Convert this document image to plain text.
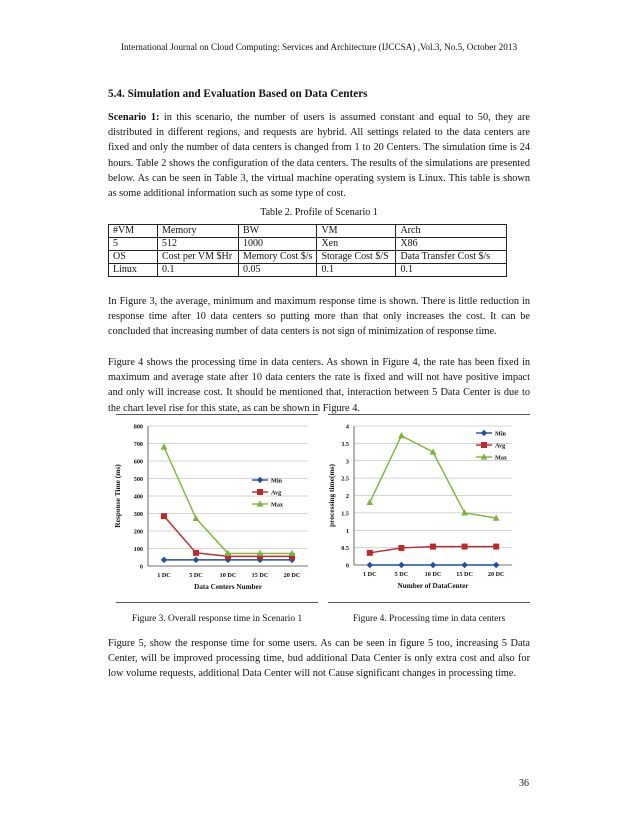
International Journal on Cloud Computing: Services and Architecture (IJCCSA) ,Vol.3, No.5, October 2013
5.4. Simulation and Evaluation Based on Data Centers

Scenario 1: in this scenario, the number of users is assumed constant and equal to 50, they are distributed in different regions, and requests are hybrid. All settings related to the data centers are fixed and only the number of data centers is changed from 1 to 20 Centers. The simulation time is 24 hours. Table 2 shows the configuration of the data centers. The results of the simulations are presented below. As can be seen in Table 3, the virtual machine operating system is Linux. This table is shown as some additional information such as some type of cost.

Table 2. Profile of Scenario 1
#VM	Memory	BW	VM	Arch
5	512	1000	Xen	X86
OS	Cost per VM $Hr	Memory Cost $/s	Storage Cost $/S	Data Transfer Cost $/s
Linux	0.1	0.05	0.1	0.1

In Figure 3, the average, minimum and maximum response time is shown. There is little reduction in response time after 10 data centers so putting more than that only increases the cost. It can be concluded that increasing number of data centers is not sign of minimization of response time.

Figure 4 shows the processing time in data centers. As shown in Figure 4, the rate has been fixed in maximum and average state after 10 data centers the rate is fixed and will not have positive impact and only will increase cost. It should be mentioned that, interaction between 5 Data Center is due to the chart level rise for this state, as can be shown in Figure 4.

0
100
200
300
400
500
600
700
800
1 DC	5 DC	10 DC 15 DC 20 DC
Data Centers Number
Response Time (ms)	Min
Avg
Max
0
0.5
1
1.5
2
2.5
3
3.5
4
1 DC	5 DC	10 DC 15 DC 20 DC
Number of DataCenter
processing time(ms)
Min
Avg
Max
Figure 3. Overall response time in Scenario 1	Figure 4. Processing time in data centers

Figure 5, show the response time for some users. As can be seen in figure 5 too, increasing 5 Data Center, will be improved processing time, bud additional Data Center is only extra cost and also for low volume requests, additional Data Center will not Cause significant changes in processing time.

36
